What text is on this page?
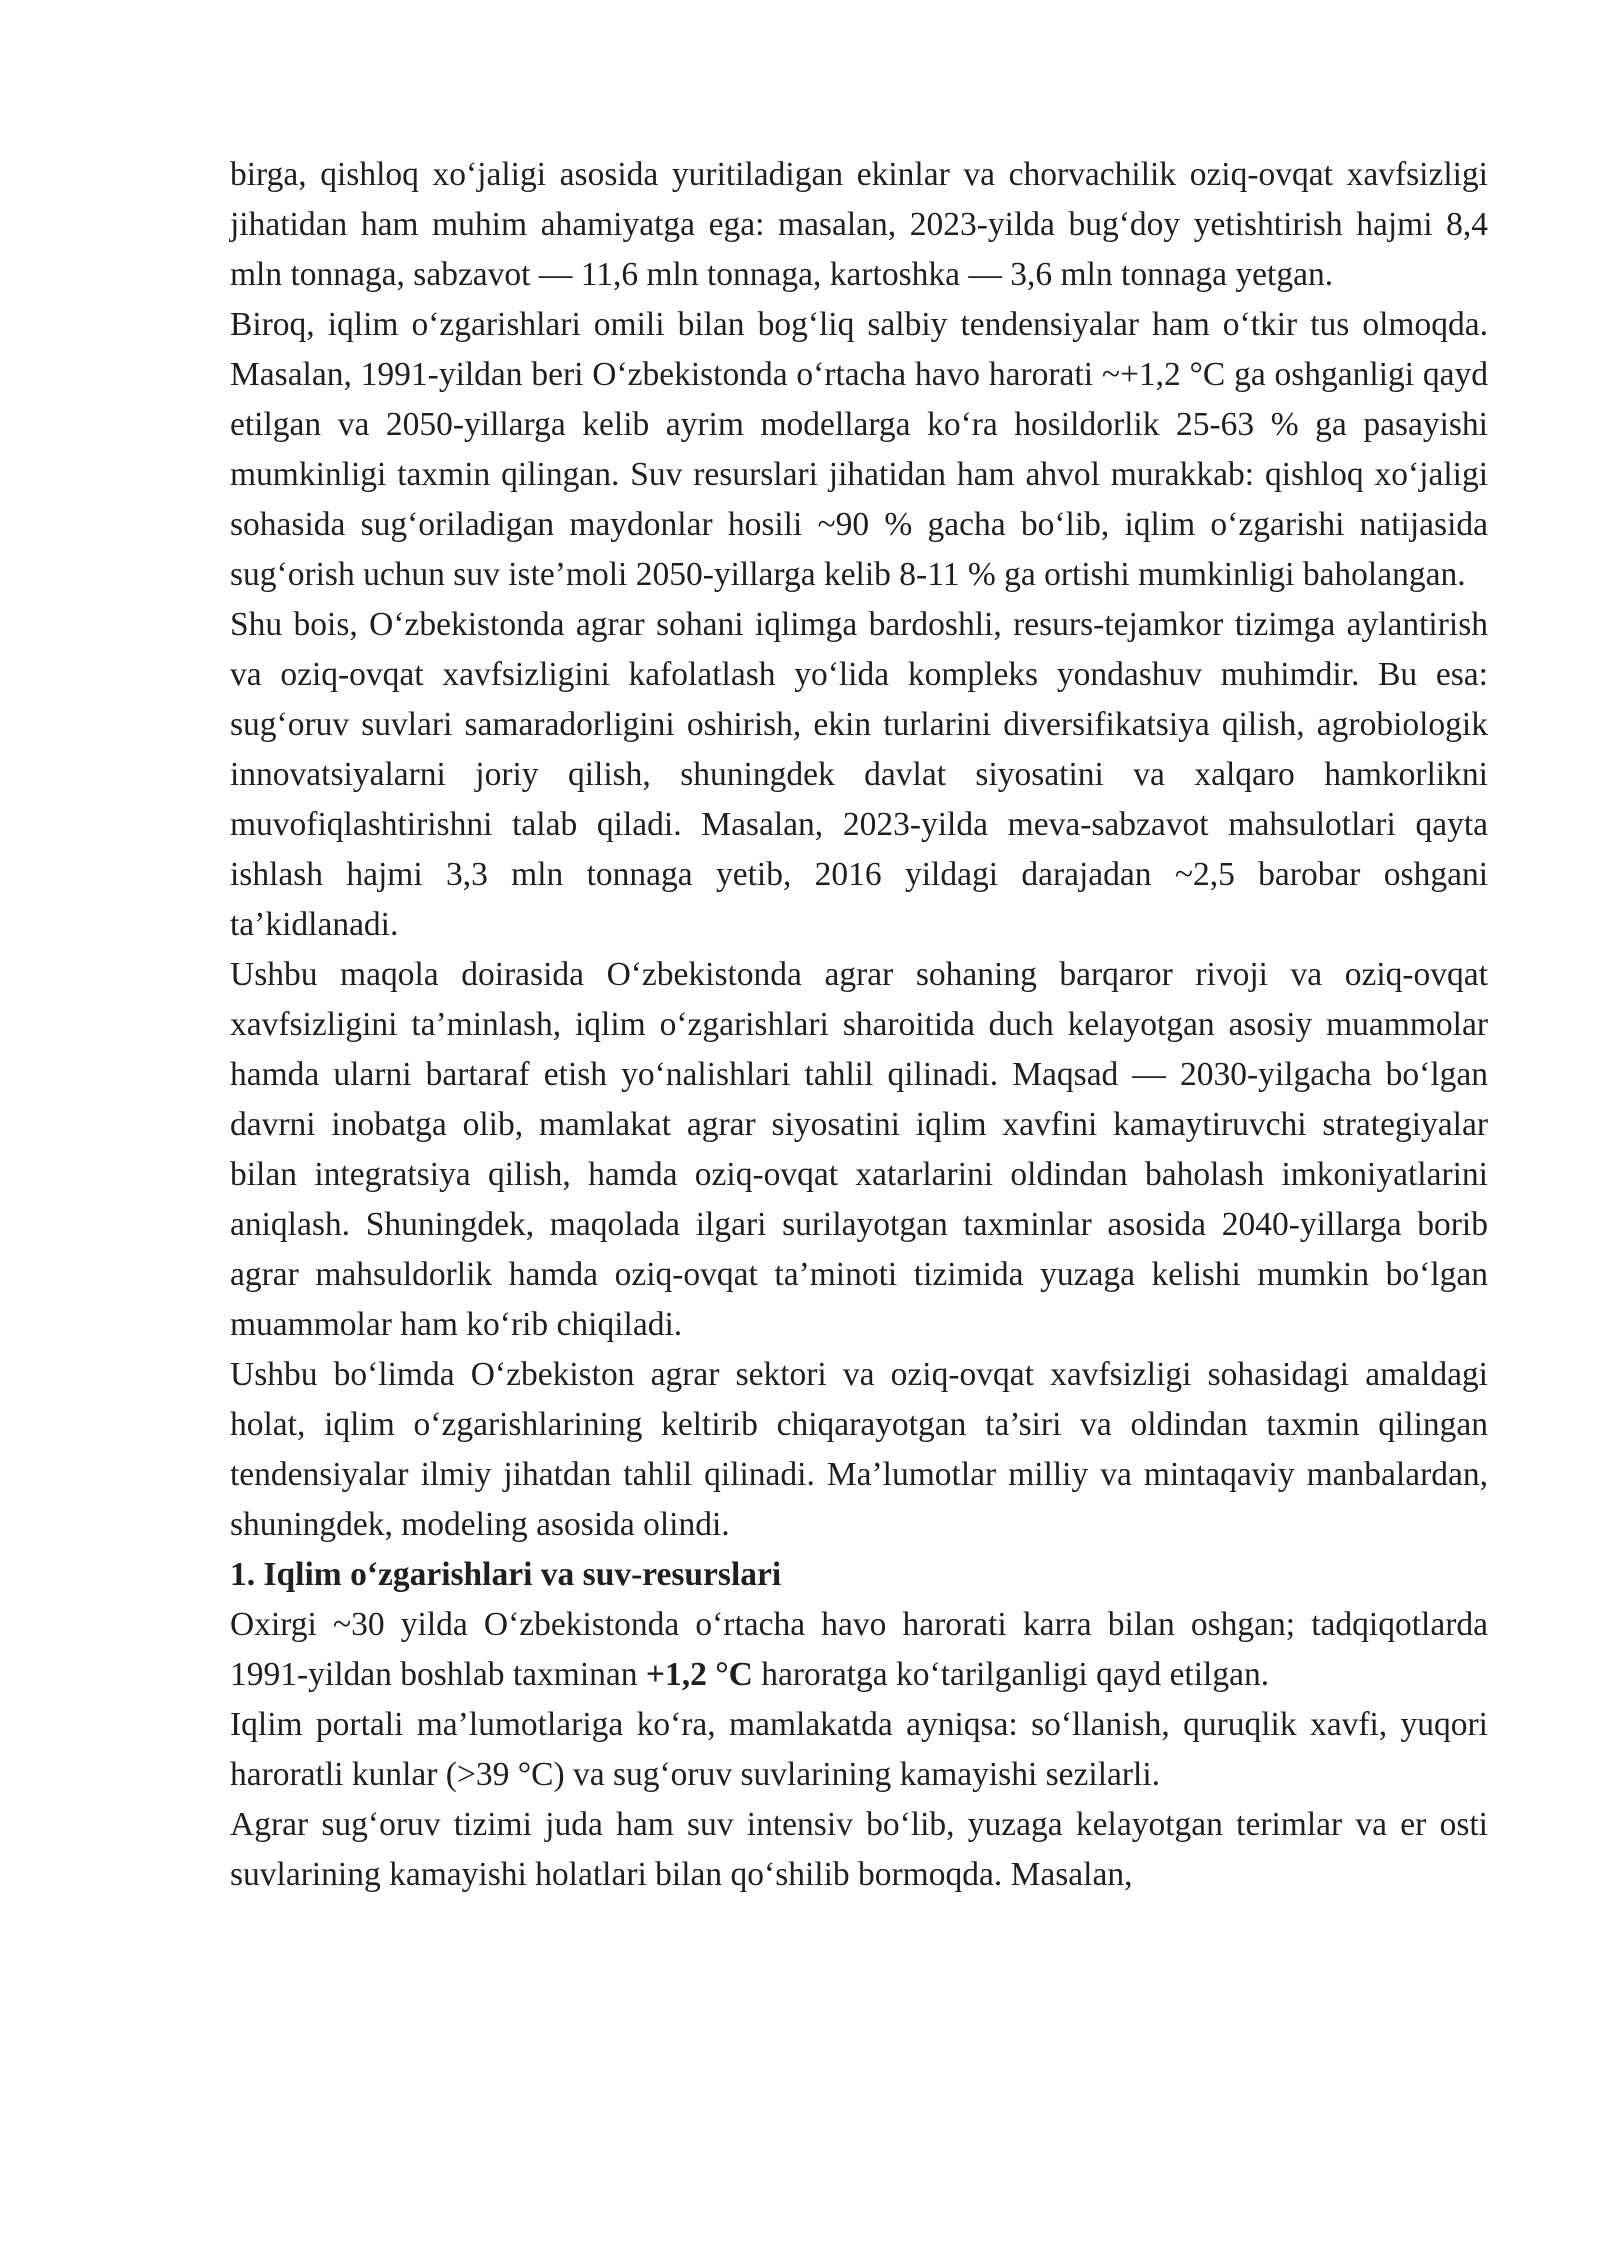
birga, qishloq xo‘jaligi asosida yuritiladigan ekinlar va chorvachilik oziq-ovqat xavfsizligi jihatidan ham muhim ahamiyatga ega: masalan, 2023-yilda bug‘doy yetishtirish hajmi 8,4 mln tonnaga, sabzavot — 11,6 mln tonnaga, kartoshka — 3,6 mln tonnaga yetgan.

Biroq, iqlim o‘zgarishlari omili bilan bog‘liq salbiy tendensiyalar ham o‘tkir tus olmoqda. Masalan, 1991-yildan beri O‘zbekistonda o‘rtacha havo harorati ~+1,2 °C ga oshganligi qayd etilgan va 2050-yillarga kelib ayrim modellarga ko‘ra hosildorlik 25-63 % ga pasayishi mumkinligi taxmin qilingan. Suv resurslari jihatidan ham ahvol murakkab: qishloq xo‘jaligi sohasida sug‘oriladigan maydonlar hosili ~90 % gacha bo‘lib, iqlim o‘zgarishi natijasida sug‘orish uchun suv iste’moli 2050-yillarga kelib 8-11 % ga ortishi mumkinligi baholangan.

Shu bois, O‘zbekistonda agrar sohani iqlimga bardoshli, resurs-tejamkor tizimga aylantirish va oziq-ovqat xavfsizligini kafolatlash yo‘lida kompleks yondashuv muhimdir. Bu esa: sug‘oruv suvlari samaradorligini oshirish, ekin turlarini diversifikatsiya qilish, agrobiologik innovatsiyalarni joriy qilish, shuningdek davlat siyosatini va xalqaro hamkorlikni muvofiqlashtirishni talab qiladi. Masalan, 2023-yilda meva-sabzavot mahsulotlari qayta ishlash hajmi 3,3 mln tonnaga yetib, 2016 yildagi darajadan ~2,5 barobar oshgani ta’kidlanadi.

Ushbu maqola doirasida O‘zbekistonda agrar sohaning barqaror rivoji va oziq-ovqat xavfsizligini ta’minlash, iqlim o‘zgarishlari sharoitida duch kelayotgan asosiy muammolar hamda ularni bartaraf etish yo‘nalishlari tahlil qilinadi. Maqsad — 2030-yilgacha bo‘lgan davrni inobatga olib, mamlakat agrar siyosatini iqlim xavfini kamaytiruvchi strategiyalar bilan integratsiya qilish, hamda oziq-ovqat xatarlarini oldindan baholash imkoniyatlarini aniqlash. Shuningdek, maqolada ilgari surilayotgan taxminlar asosida 2040-yillarga borib agrar mahsuldorlik hamda oziq-ovqat ta’minoti tizimida yuzaga kelishi mumkin bo‘lgan muammolar ham ko‘rib chiqiladi.

Ushbu bo‘limda O‘zbekiston agrar sektori va oziq-ovqat xavfsizligi sohasidagi amaldagi holat, iqlim o‘zgarishlarining keltirib chiqarayotgan ta’siri va oldindan taxmin qilingan tendensiyalar ilmiy jihatdan tahlil qilinadi. Ma’lumotlar milliy va mintaqaviy manbalardan, shuningdek, modeling asosida olindi.

1. Iqlim o‘zgarishlari va suv-resurslari

Oxirgi ~30 yilda O‘zbekistonda o‘rtacha havo harorati karra bilan oshgan; tadqiqotlarda 1991-yildan boshlab taxminan +1,2 °C haroratga ko‘tarilganligi qayd etilgan.

Iqlim portali ma’lumotlariga ko‘ra, mamlakatda ayniqsa: so‘llanish, quruqlik xavfi, yuqori haroratli kunlar (>39 °C) va sug‘oruv suvlarining kamayishi sezilarli.

Agrar sug‘oruv tizimi juda ham suv intensiv bo‘lib, yuzaga kelayotgan terimlar va er osti suvlarining kamayishi holatlari bilan qo‘shilib bormoqda. Masalan,
